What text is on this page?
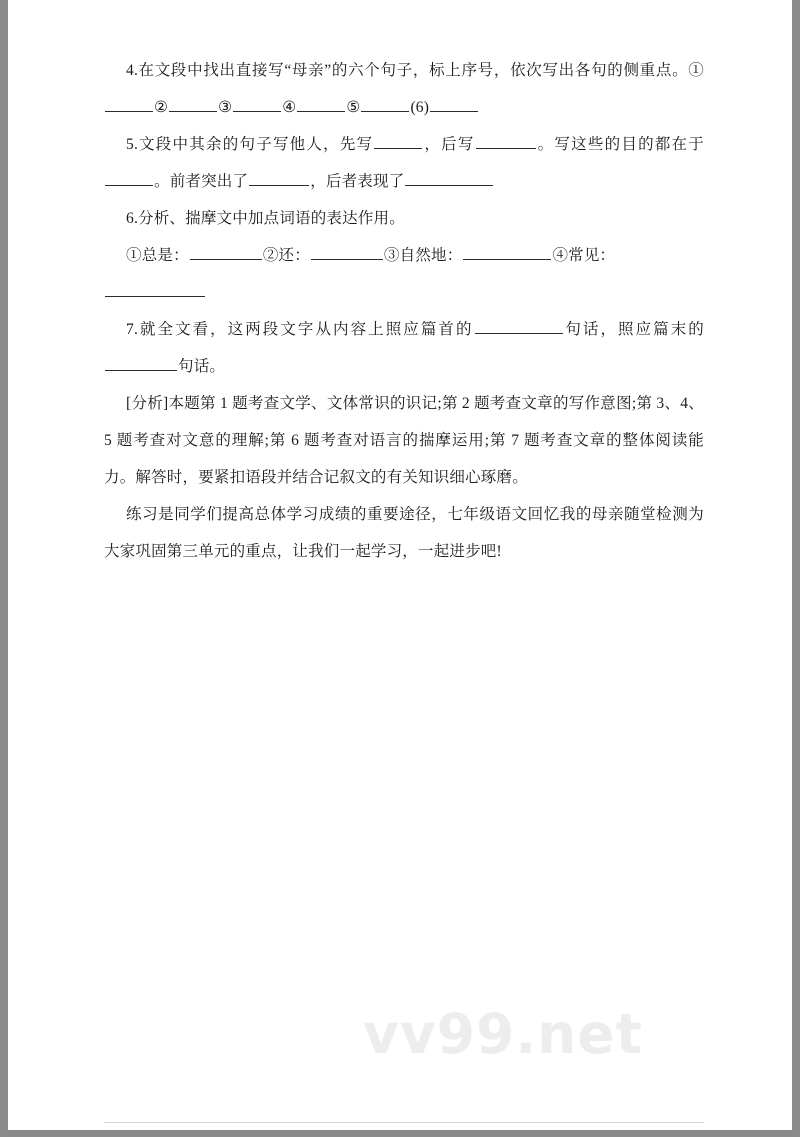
4.在文段中找出直接写“母亲”的六个句子，标上序号，依次写出各句的侧重点。①②	③	④	⑤	(6)

5.文段中其余的句子写他人，先写	，后写	。写这些的目的都在于。前者突出了	，后者表现了

6.分析、揣摩文中加点词语的表达作用。

①总是：	②还：	③自然地：	④常见：

7.就全文看，这两段文字从内容上照应篇首的	句话，照应篇末的句话。

[分析]本题第 1 题考查文学、文体常识的识记;第 2 题考查文章的写作意图;第 3、4、5 题考查对文意的理解;第 6 题考查对语言的揣摩运用;第 7 题考查文章的整体阅读能力。解答时，要紧扣语段并结合记叙文的有关知识细心琢磨。

练习是同学们提高总体学习成绩的重要途径，七年级语文回忆我的母亲随堂检测为大家巩固第三单元的重点，让我们一起学习，一起进步吧!

vv99.net
